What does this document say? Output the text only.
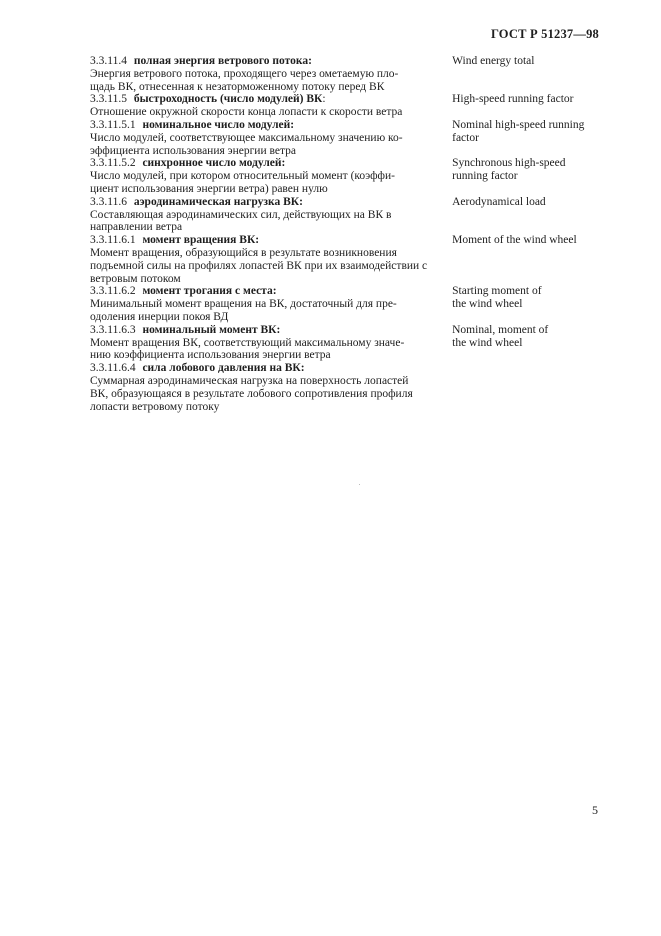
ГОСТ Р 51237—98
3.3.11.4 полная энергия ветрового потока:

Энергия ветрового потока, проходящего через ометаемую пло-

щадь ВК, отнесенная к незаторможенному потоку перед ВК

Wind energy total
3.3.11.5 быстроходность (число модулей) ВК:

Отношение окружной скорости конца лопасти к скорости ветра

High-speed running factor
3.3.11.5.1 номинальное число модулей:

Число модулей, соответствующее максимальному значению ко-

эффициента использования энергии ветра

Nominal high-speed running
factor
3.3.11.5.2 синхронное число модулей:

Число модулей, при котором относительный момент (коэффи-

циент использования энергии ветра) равен нулю

Synchronous high-speed
running factor
3.3.11.6 аэродинамическая нагрузка ВК:

Составляющая аэродинамических сил, действующих на ВК в

направлении ветра

Aerodynamical load
3.3.11.6.1 момент вращения ВК:

Момент вращения, образующийся в результате возникновения

подъемной силы на профилях лопастей ВК при их взаимодействии с

ветровым потоком

Moment of the wind wheel
3.3.11.6.2 момент трогания с места:

Минимальный момент вращения на ВК, достаточный для пре-

одоления инерции покоя ВД

Starting moment of
the wind wheel
3.3.11.6.3 номинальный момент ВК:

Момент вращения ВК, соответствующий максимальному значе-

нию коэффициента использования энергии ветра

Nominal, moment of
the wind wheel
3.3.11.6.4 сила лобового давления на ВК:

Суммарная аэродинамическая нагрузка на поверхность лопастей

ВК, образующаяся в результате лобового сопротивления профиля

лопасти ветровому потоку

5
